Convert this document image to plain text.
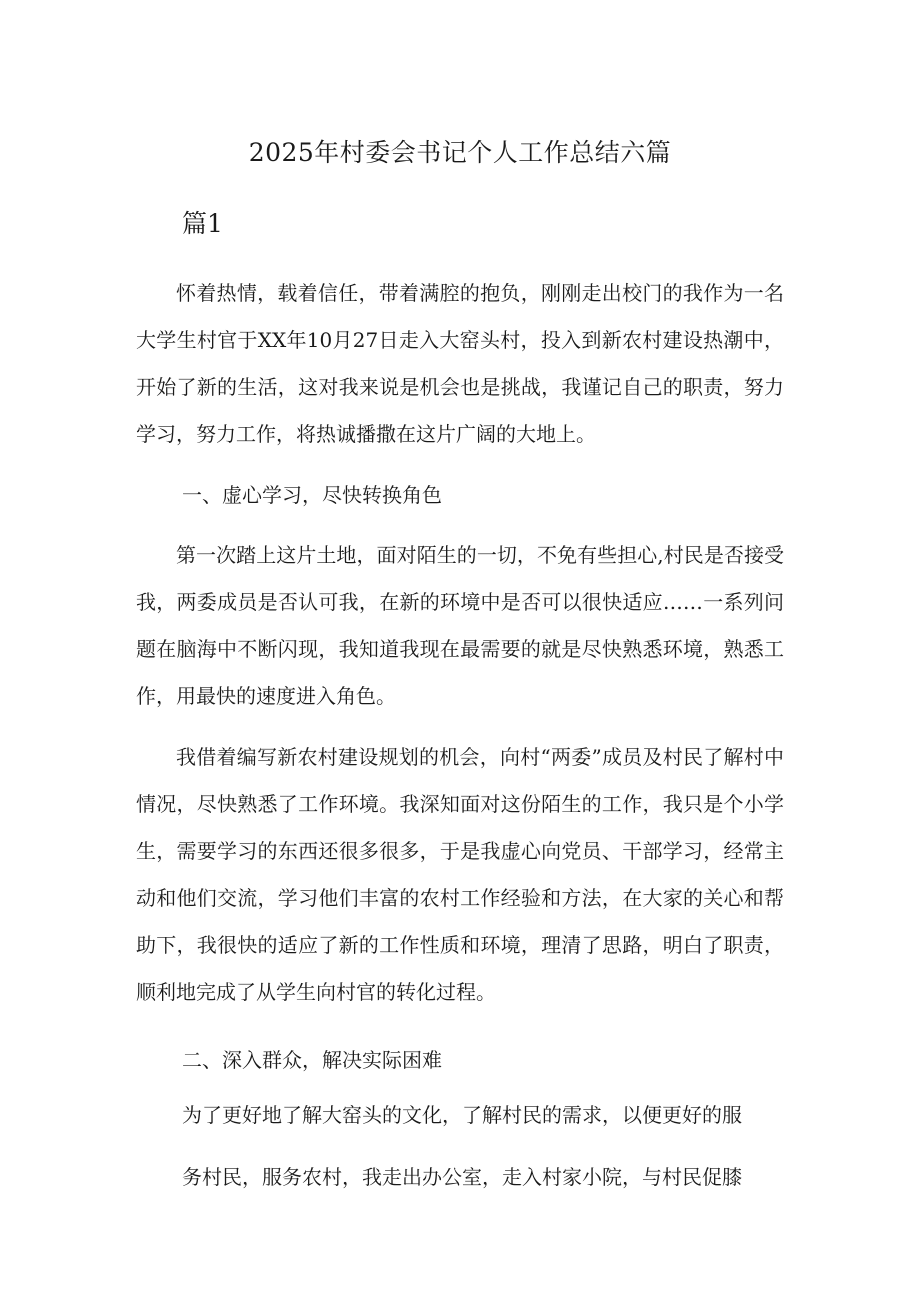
2025年村委会书记个人工作总结六篇
篇1

怀着热情，载着信任，带着满腔的抱负，刚刚走出校门的我作为一名大学生村官于XX年10月27日走入大窑头村，投入到新农村建设热潮中，开始了新的生活，这对我来说是机会也是挑战，我谨记自己的职责，努力学习，努力工作，将热诚播撒在这片广阔的大地上。

一、虚心学习，尽快转换角色

第一次踏上这片土地，面对陌生的一切，不免有些担心,村民是否接受我，两委成员是否认可我，在新的环境中是否可以很快适应……一系列问题在脑海中不断闪现，我知道我现在最需要的就是尽快熟悉环境，熟悉工作，用最快的速度进入角色。

我借着编写新农村建设规划的机会，向村“两委”成员及村民了解村中情况，尽快熟悉了工作环境。我深知面对这份陌生的工作，我只是个小学生，需要学习的东西还很多很多，于是我虚心向党员、干部学习，经常主动和他们交流，学习他们丰富的农村工作经验和方法，在大家的关心和帮助下，我很快的适应了新的工作性质和环境，理清了思路，明白了职责，顺利地完成了从学生向村官的转化过程。

二、深入群众，解决实际困难

为了更好地了解大窑头的文化，了解村民的需求，以便更好的服

务村民，服务农村，我走出办公室，走入村家小院，与村民促膝
